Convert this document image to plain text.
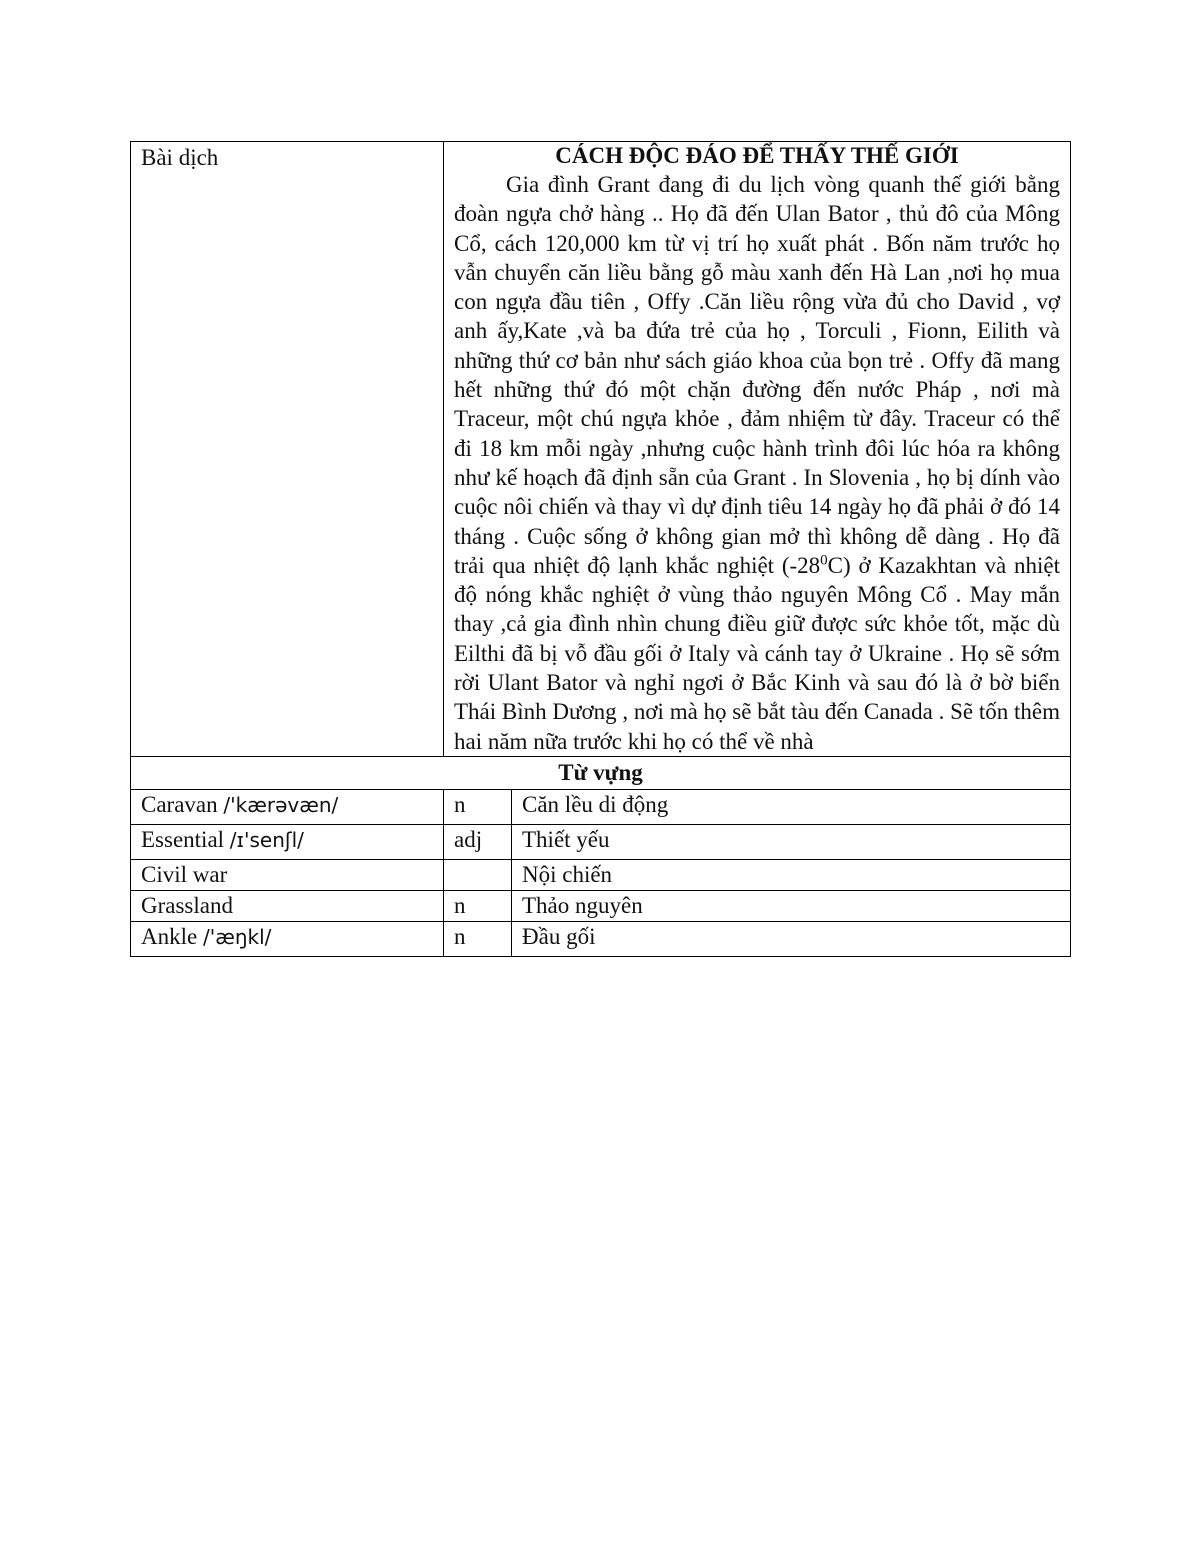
Bài dịch	CÁCH ĐỘC ĐÁO ĐỂ THẤY THẾ GIỚI

Gia đình Grant đang đi du lịch vòng quanh thế giới bằng đoàn ngựa chở hàng .. Họ đã đến Ulan Bator , thủ đô của Mông Cổ, cách 120,000 km từ vị trí họ xuất phát . Bốn năm trước họ vẫn chuyển căn liều bằng gỗ màu xanh đến Hà Lan ,nơi họ mua con ngựa đầu tiên , Offy .Căn liều rộng vừa đủ cho David , vợ anh ấy,Kate ,và ba đứa trẻ của họ , Torculi , Fionn, Eilith và những thứ cơ bản như sách giáo khoa của bọn trẻ . Offy đã mang hết những thứ đó một chặn đường đến nước Pháp , nơi mà Traceur, một chú ngựa khỏe , đảm nhiệm từ đây. Traceur có thể đi 18 km mỗi ngày ,nhưng cuộc hành trình đôi lúc hóa ra không như kế hoạch đã định sẵn của Grant . In Slovenia , họ bị dính vào cuộc nôi chiến và thay vì dự định tiêu 14 ngày họ đã phải ở đó 14 tháng . Cuộc sống ở không gian mở thì không dễ dàng . Họ đã trải qua nhiệt độ lạnh khắc nghiệt $(-28^0C)$ ở Kazakhtan và nhiệt độ nóng khắc nghiệt ở vùng thảo nguyên Mông Cổ . May mắn thay ,cả gia đình nhìn chung điều giữ được sức khỏe tốt, mặc dù Eilthi đã bị vỗ đầu gối ở Italy và cánh tay ở Ukraine . Họ sẽ sớm rời Ulant Bator và nghỉ ngơi ở Bắc Kinh và sau đó là ở bờ biển Thái Bình Dương , nơi mà họ sẽ bắt tàu đến Canada . Sẽ tốn thêm hai năm nữa trước khi họ có thể về nhà	

Từ vựng		
Caravan /'kærəvæn/	n	Căn lều di động
Essential /ɪ'senʃl/	adj	Thiết yếu
Civil war		Nội chiến
Grassland	n	Thảo nguyên
Ankle /'æŋkl/	n	Đầu gối
